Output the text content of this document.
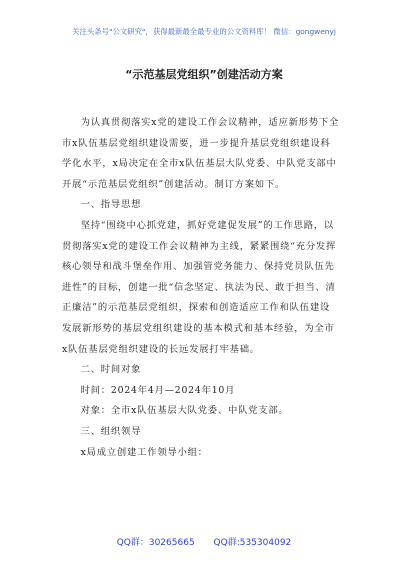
关注头条号"公文研究"，获得最新最全最专业的公文资料库！ 微信：gongwenyj
“示范基层党组织”创建活动方案

为认真贯彻落实x党的建设工作会议精神，适应新形势下全市x队伍基层党组织建设需要，进一步提升基层党组织建设科学化水平，x局决定在全市x队伍基层大队党委、中队党支部中开展“示范基层党组织”创建活动。制订方案如下。

一、指导思想

坚持“围绕中心抓党建，抓好党建促发展”的工作思路，以贯彻落实x党的建设工作会议精神为主线，紧紧围绕“充分发挥核心领导和战斗堡垒作用、加强管党务能力、保持党员队伍先进性”的目标，创建一批“信念坚定、执法为民、敢于担当、清正廉洁”的示范基层党组织，探索和创造适应工作和队伍建设发展新形势的基层党组织建设的基本模式和基本经验，为全市x队伍基层党组织建设的长远发展打牢基础。

二、时间对象

时间：2024年4月—2024年10月

对象：全市x队伍基层大队党委、中队党支部。

三、组织领导

x局成立创建工作领导小组：

QQ群：30265665 QQ群:535304092
